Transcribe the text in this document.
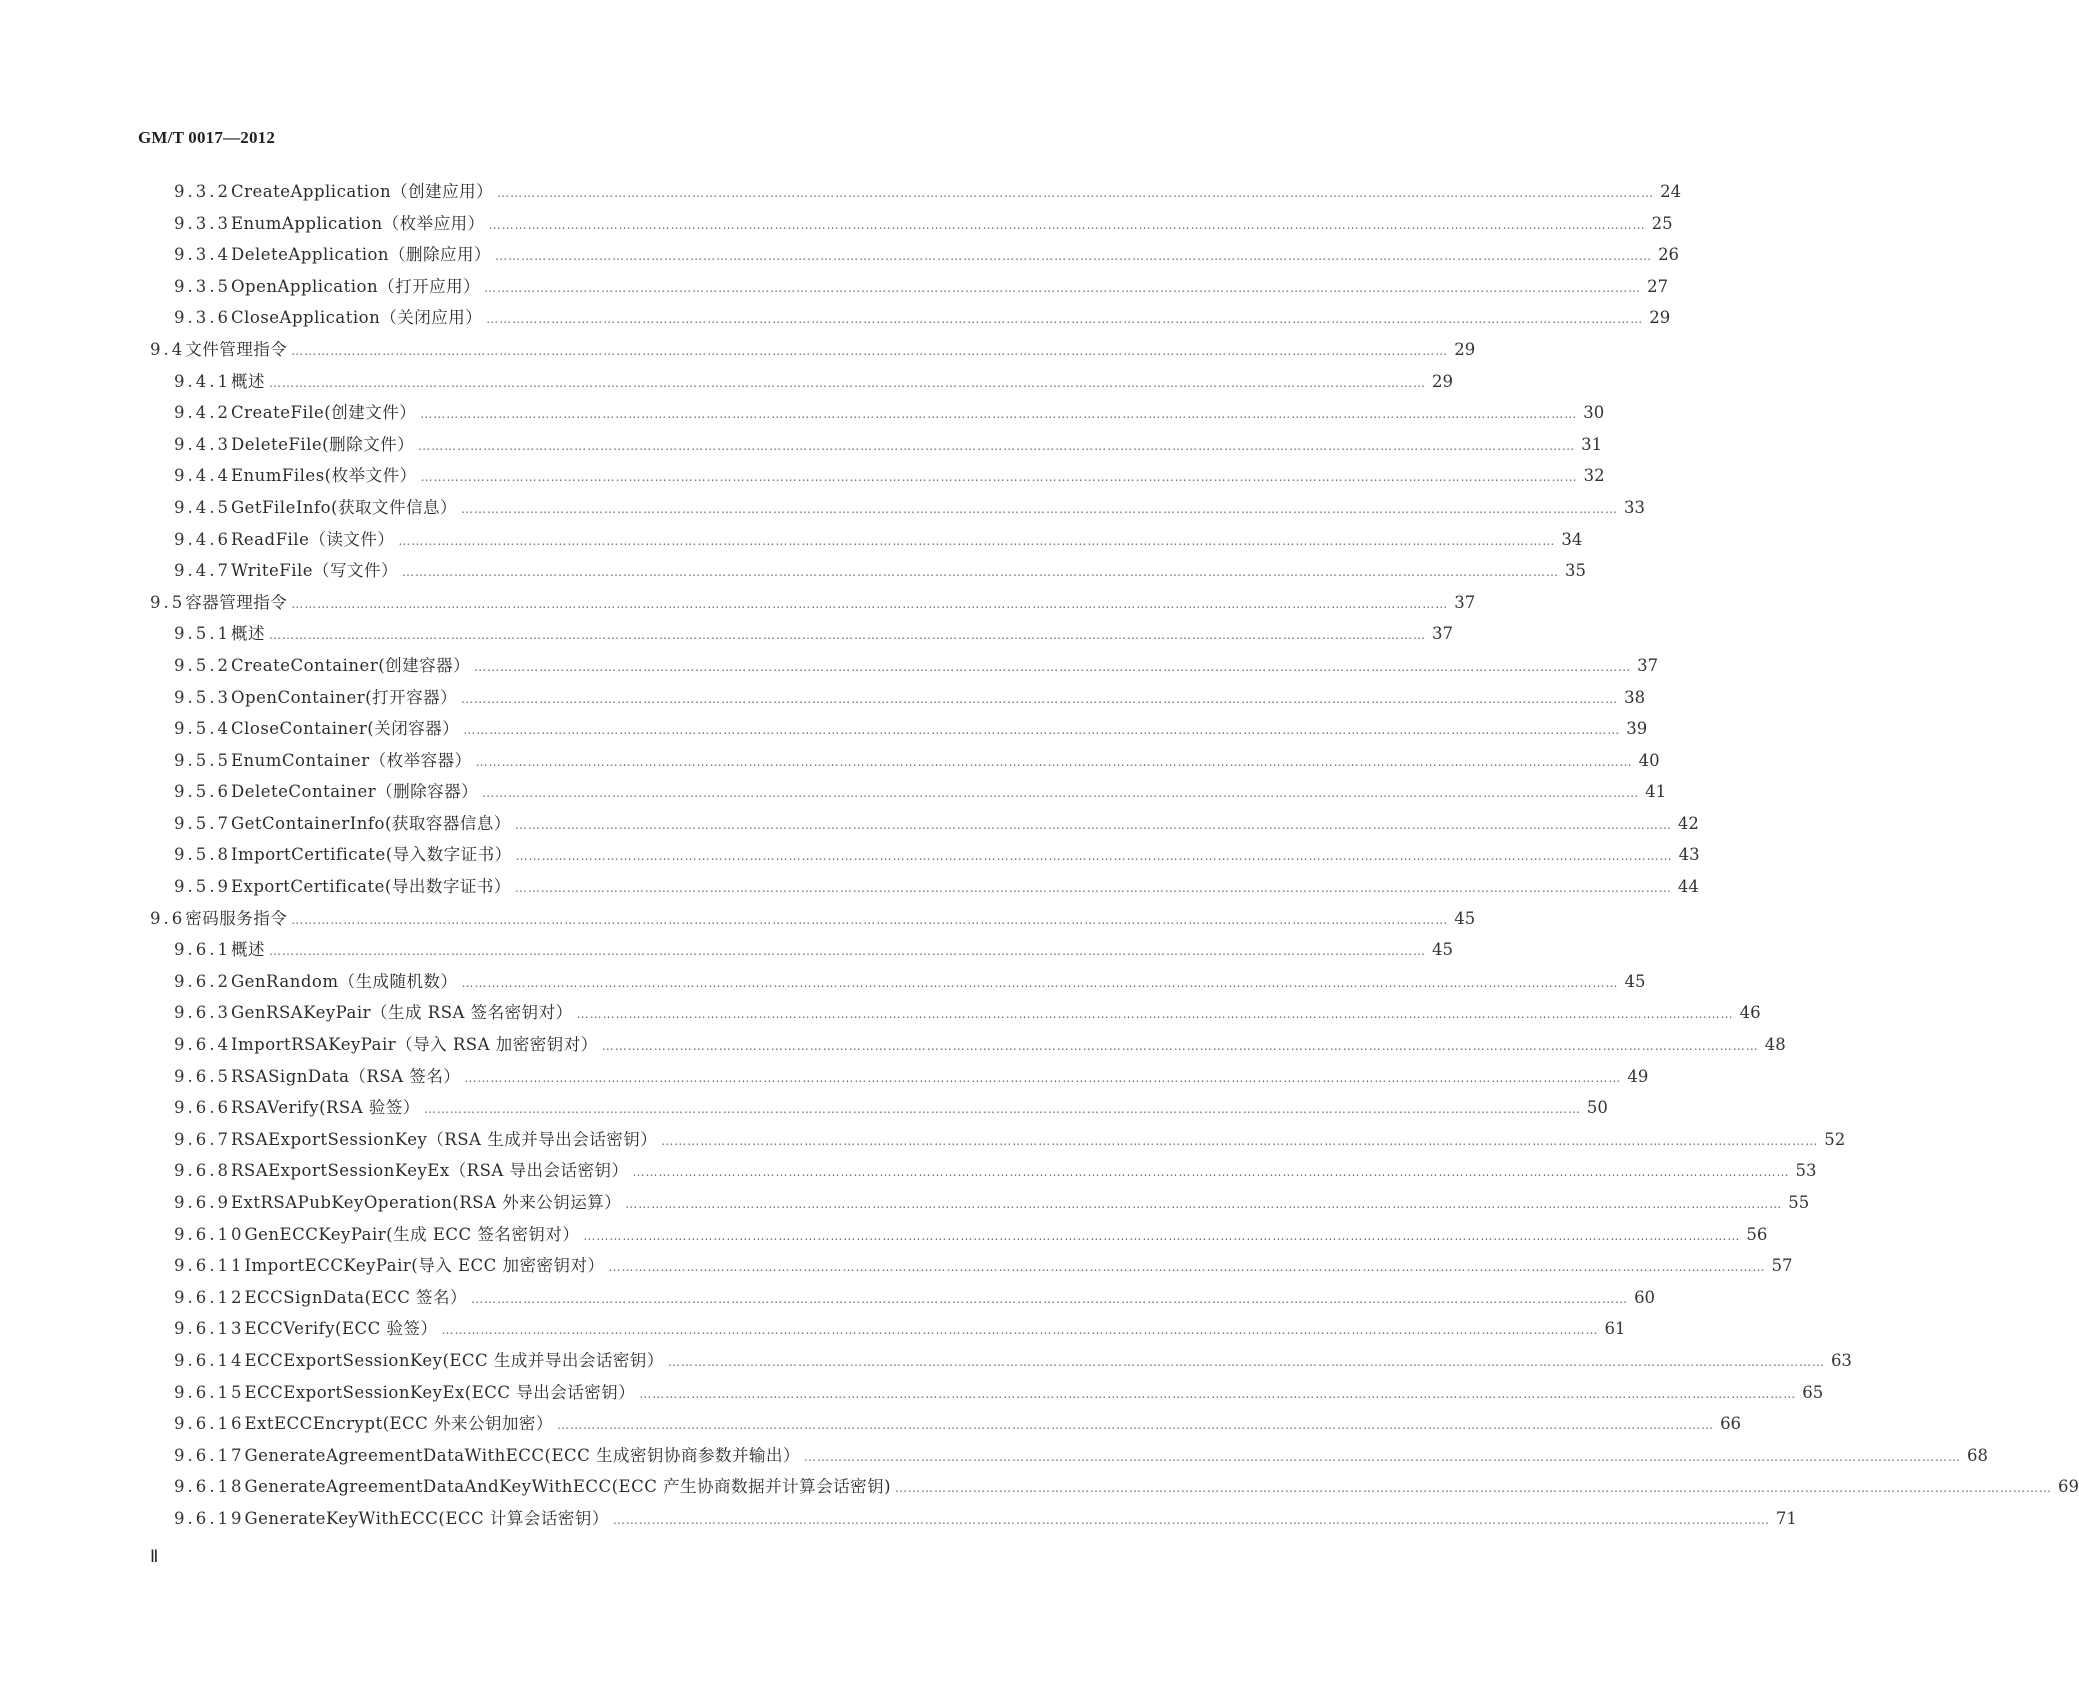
GM/T 0017—2012
9.3.2 CreateApplication（创建应用） ……………………………………………………………………………………………………………………………………………………………………………………………………………………………………………	24
9.3.3 EnumApplication（枚举应用） ……………………………………………………………………………………………………………………………………………………………………………………………………………………………………………	25
9.3.4 DeleteApplication（删除应用） ……………………………………………………………………………………………………………………………………………………………………………………………………………………………………………	26
9.3.5 OpenApplication（打开应用） ……………………………………………………………………………………………………………………………………………………………………………………………………………………………………………	27
9.3.6 CloseApplication（关闭应用） ……………………………………………………………………………………………………………………………………………………………………………………………………………………………………………	29
9.4 文件管理指令 ……………………………………………………………………………………………………………………………………………………………………………………………………………………………………………	29
9.4.1 概述 ……………………………………………………………………………………………………………………………………………………………………………………………………………………………………………	29
9.4.2 CreateFile(创建文件） ……………………………………………………………………………………………………………………………………………………………………………………………………………………………………………	30
9.4.3 DeleteFile(删除文件） ……………………………………………………………………………………………………………………………………………………………………………………………………………………………………………	31
9.4.4 EnumFiles(枚举文件） ……………………………………………………………………………………………………………………………………………………………………………………………………………………………………………	32
9.4.5 GetFileInfo(获取文件信息） ……………………………………………………………………………………………………………………………………………………………………………………………………………………………………………	33
9.4.6 ReadFile（读文件） ……………………………………………………………………………………………………………………………………………………………………………………………………………………………………………	34
9.4.7 WriteFile（写文件） ……………………………………………………………………………………………………………………………………………………………………………………………………………………………………………	35
9.5 容器管理指令 ……………………………………………………………………………………………………………………………………………………………………………………………………………………………………………	37
9.5.1 概述 ……………………………………………………………………………………………………………………………………………………………………………………………………………………………………………	37
9.5.2 CreateContainer(创建容器） ……………………………………………………………………………………………………………………………………………………………………………………………………………………………………………	37
9.5.3 OpenContainer(打开容器） ……………………………………………………………………………………………………………………………………………………………………………………………………………………………………………	38
9.5.4 CloseContainer(关闭容器） ……………………………………………………………………………………………………………………………………………………………………………………………………………………………………………	39
9.5.5 EnumContainer（枚举容器） ……………………………………………………………………………………………………………………………………………………………………………………………………………………………………………	40
9.5.6 DeleteContainer（删除容器） ……………………………………………………………………………………………………………………………………………………………………………………………………………………………………………	41
9.5.7 GetContainerInfo(获取容器信息） ……………………………………………………………………………………………………………………………………………………………………………………………………………………………………………	42
9.5.8 ImportCertificate(导入数字证书） ……………………………………………………………………………………………………………………………………………………………………………………………………………………………………………	43
9.5.9 ExportCertificate(导出数字证书） ……………………………………………………………………………………………………………………………………………………………………………………………………………………………………………	44
9.6 密码服务指令 ……………………………………………………………………………………………………………………………………………………………………………………………………………………………………………	45
9.6.1 概述 ……………………………………………………………………………………………………………………………………………………………………………………………………………………………………………	45
9.6.2 GenRandom（生成随机数） ……………………………………………………………………………………………………………………………………………………………………………………………………………………………………………	45
9.6.3 GenRSAKeyPair（生成 RSA 签名密钥对） ……………………………………………………………………………………………………………………………………………………………………………………………………………………………………………	46
9.6.4 ImportRSAKeyPair（导入 RSA 加密密钥对） ……………………………………………………………………………………………………………………………………………………………………………………………………………………………………………	48
9.6.5 RSASignData（RSA 签名） ……………………………………………………………………………………………………………………………………………………………………………………………………………………………………………	49
9.6.6 RSAVerify(RSA 验签） ……………………………………………………………………………………………………………………………………………………………………………………………………………………………………………	50
9.6.7 RSAExportSessionKey（RSA 生成并导出会话密钥） ……………………………………………………………………………………………………………………………………………………………………………………………………………………………………………	52
9.6.8 RSAExportSessionKeyEx（RSA 导出会话密钥） ……………………………………………………………………………………………………………………………………………………………………………………………………………………………………………	53
9.6.9 ExtRSAPubKeyOperation(RSA 外来公钥运算） ……………………………………………………………………………………………………………………………………………………………………………………………………………………………………………	55
9.6.10 GenECCKeyPair(生成 ECC 签名密钥对） ……………………………………………………………………………………………………………………………………………………………………………………………………………………………………………	56
9.6.11 ImportECCKeyPair(导入 ECC 加密密钥对） ……………………………………………………………………………………………………………………………………………………………………………………………………………………………………………	57
9.6.12 ECCSignData(ECC 签名） ……………………………………………………………………………………………………………………………………………………………………………………………………………………………………………	60
9.6.13 ECCVerify(ECC 验签） ……………………………………………………………………………………………………………………………………………………………………………………………………………………………………………	61
9.6.14 ECCExportSessionKey(ECC 生成并导出会话密钥） ……………………………………………………………………………………………………………………………………………………………………………………………………………………………………………	63
9.6.15 ECCExportSessionKeyEx(ECC 导出会话密钥） ……………………………………………………………………………………………………………………………………………………………………………………………………………………………………………	65
9.6.16 ExtECCEncrypt(ECC 外来公钥加密） ……………………………………………………………………………………………………………………………………………………………………………………………………………………………………………	66
9.6.17 GenerateAgreementDataWithECC(ECC 生成密钥协商参数并输出） ……………………………………………………………………………………………………………………………………………………………………………………………………………………………………………	68
9.6.18 GenerateAgreementDataAndKeyWithECC(ECC 产生协商数据并计算会话密钥) ……………………………………………………………………………………………………………………………………………………………………………………………………………………………………………	69
9.6.19 GenerateKeyWithECC(ECC 计算会话密钥） ……………………………………………………………………………………………………………………………………………………………………………………………………………………………………………	71
Ⅱ
